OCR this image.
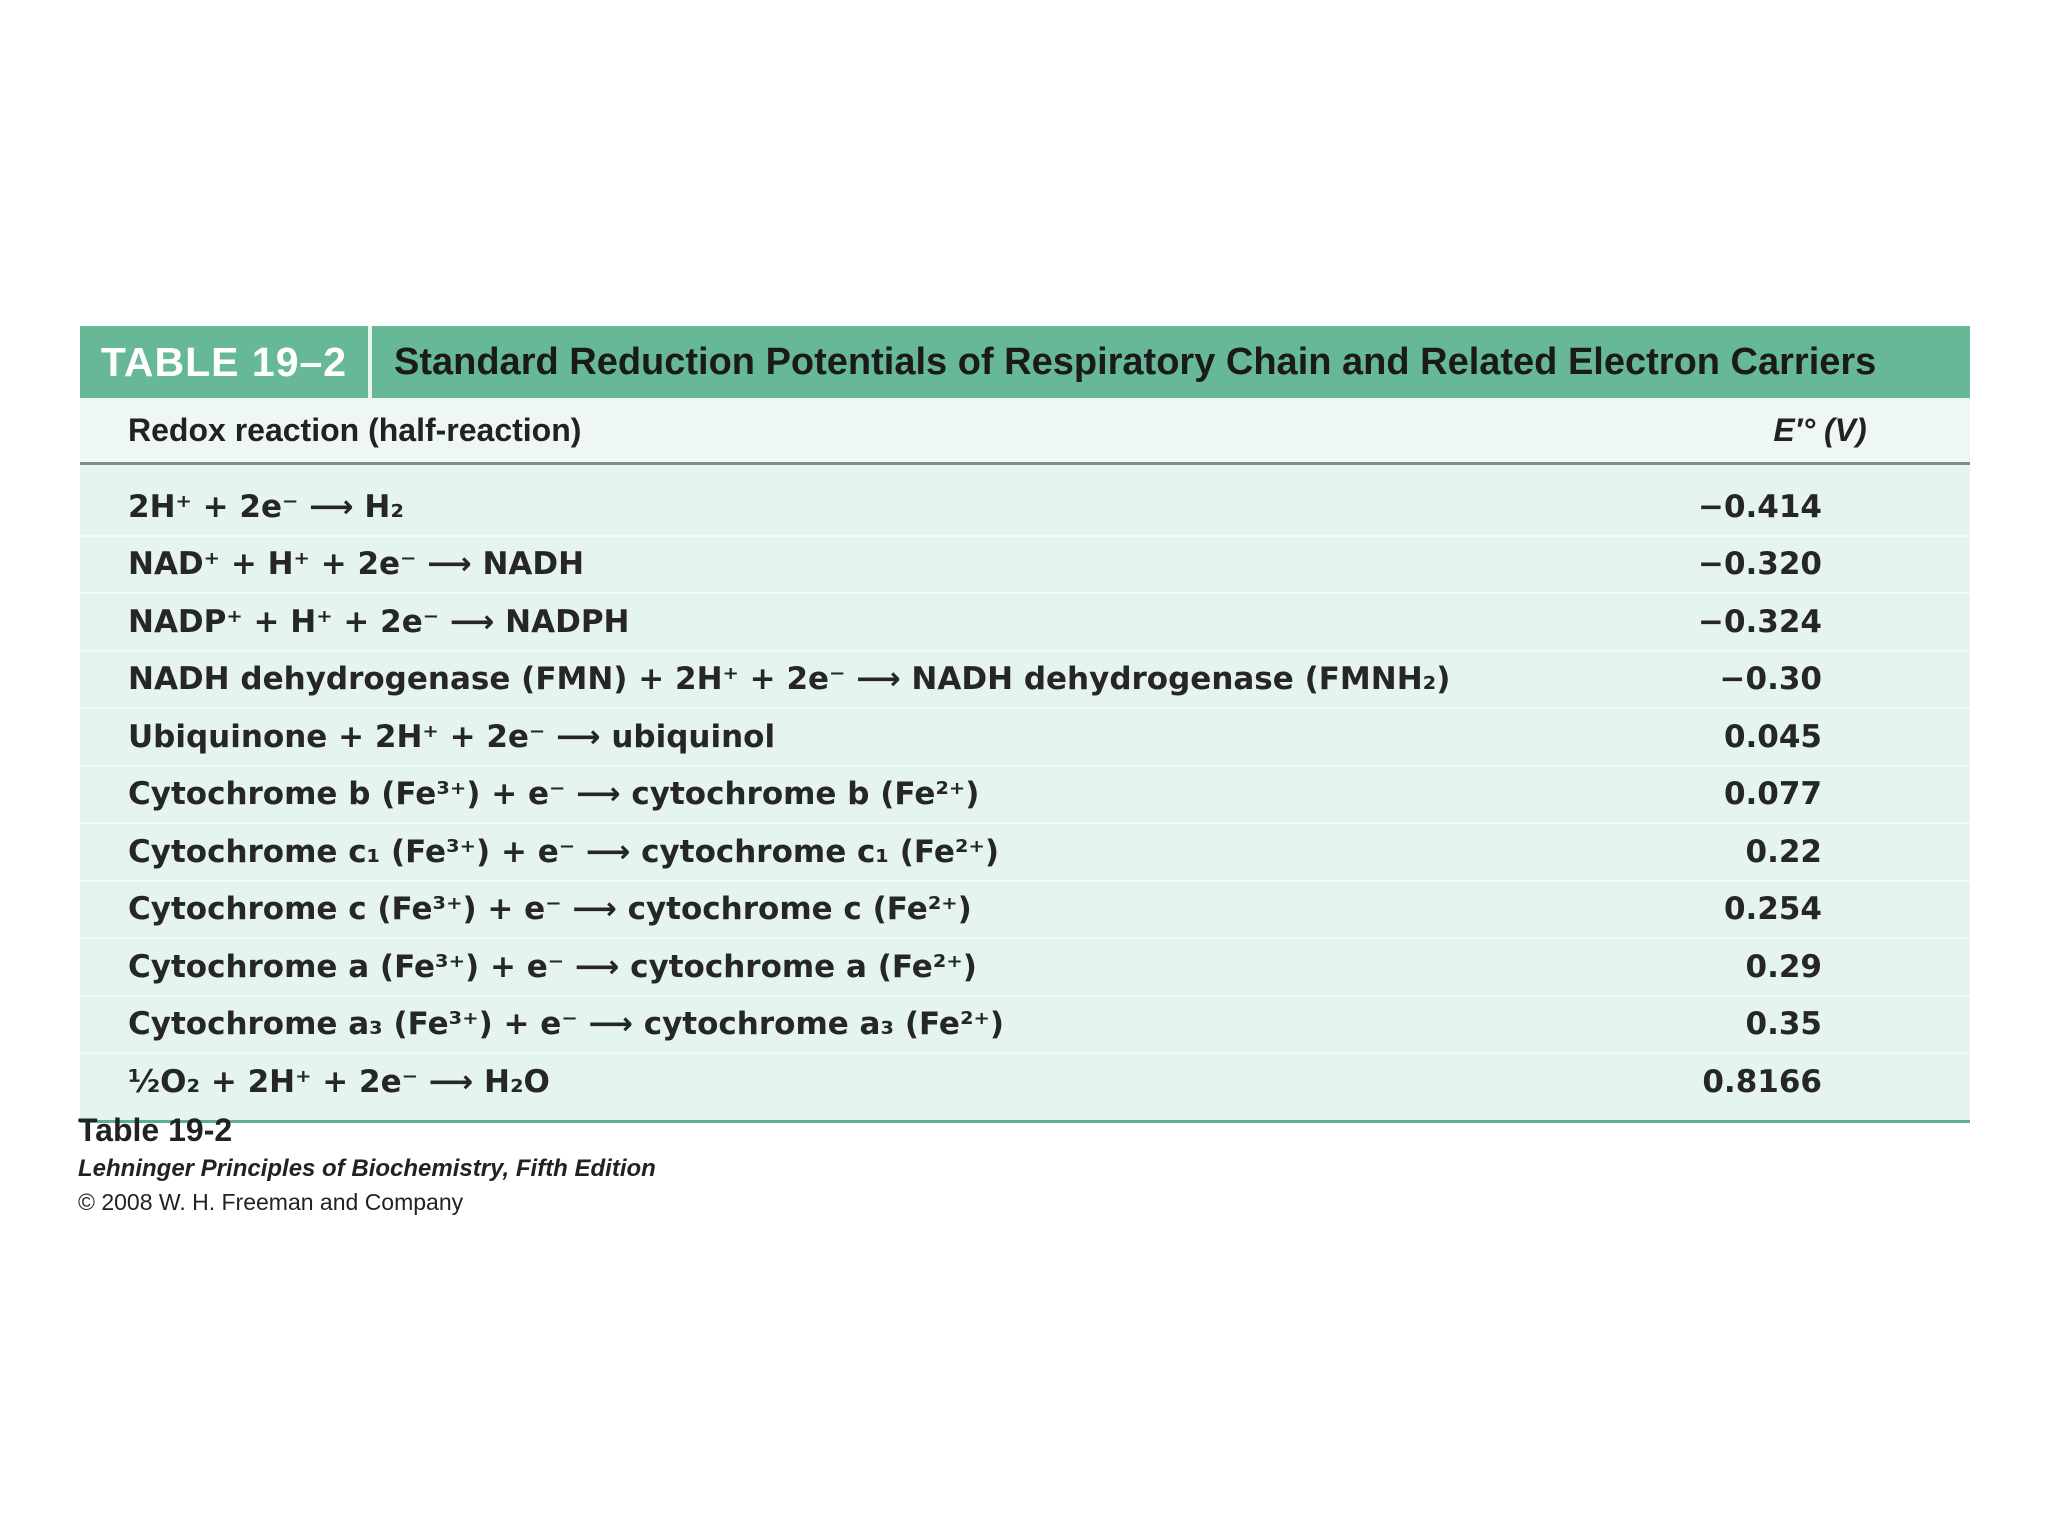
TABLE 19–2	Standard Reduction Potentials of Respiratory Chain and Related Electron Carriers
Redox reaction (half-reaction)	E′° (V)
2H⁺ + 2e⁻ ⟶ H₂	−0.414
NAD⁺ + H⁺ + 2e⁻ ⟶ NADH	−0.320
NADP⁺ + H⁺ + 2e⁻ ⟶ NADPH	−0.324
NADH dehydrogenase (FMN) + 2H⁺ + 2e⁻ ⟶ NADH dehydrogenase (FMNH₂)	−0.30
Ubiquinone + 2H⁺ + 2e⁻ ⟶ ubiquinol	0.045
Cytochrome b (Fe³⁺) + e⁻ ⟶ cytochrome b (Fe²⁺)	0.077
Cytochrome c₁ (Fe³⁺) + e⁻ ⟶ cytochrome c₁ (Fe²⁺)	0.22
Cytochrome c (Fe³⁺) + e⁻ ⟶ cytochrome c (Fe²⁺)	0.254
Cytochrome a (Fe³⁺) + e⁻ ⟶ cytochrome a (Fe²⁺)	0.29
Cytochrome a₃ (Fe³⁺) + e⁻ ⟶ cytochrome a₃ (Fe²⁺)	0.35
½O₂ + 2H⁺ + 2e⁻ ⟶ H₂O	0.8166
Table 19-2
Lehninger Principles of Biochemistry, Fifth Edition
© 2008 W. H. Freeman and Company
